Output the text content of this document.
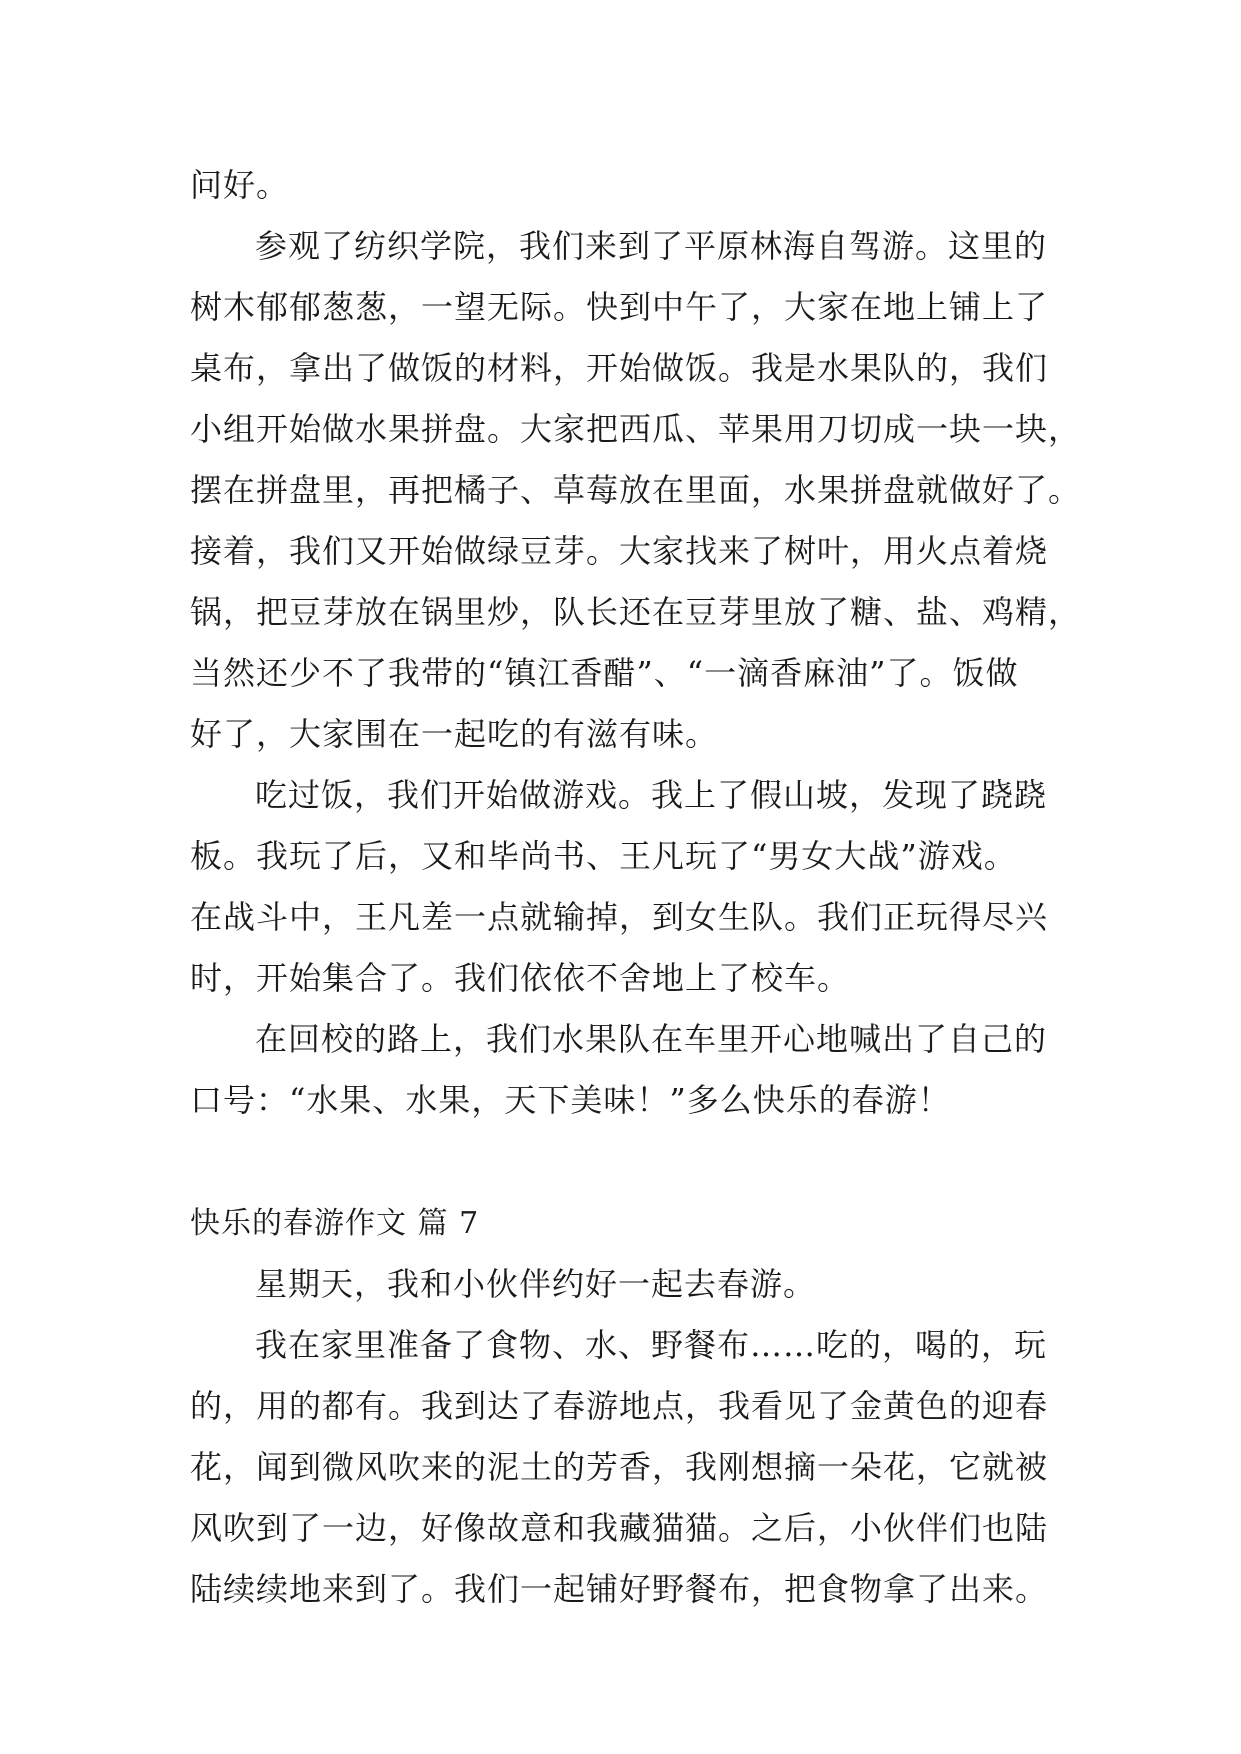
问好。
参观了纺织学院，我们来到了平原林海自驾游。这里的
树木郁郁葱葱，一望无际。快到中午了，大家在地上铺上了
桌布，拿出了做饭的材料，开始做饭。我是水果队的，我们
小组开始做水果拼盘。大家把西瓜、苹果用刀切成一块一块，
摆在拼盘里，再把橘子、草莓放在里面，水果拼盘就做好了。
接着，我们又开始做绿豆芽。大家找来了树叶，用火点着烧
锅，把豆芽放在锅里炒，队长还在豆芽里放了糖、盐、鸡精，
当然还少不了我带的“镇江香醋”、“一滴香麻油”了。饭做
好了，大家围在一起吃的有滋有味。
吃过饭，我们开始做游戏。我上了假山坡，发现了跷跷
板。我玩了后，又和毕尚书、王凡玩了“男女大战”游戏。
在战斗中，王凡差一点就输掉，到女生队。我们正玩得尽兴
时，开始集合了。我们依依不舍地上了校车。
在回校的路上，我们水果队在车里开心地喊出了自己的
口号：“水果、水果，天下美味！”多么快乐的春游！
快乐的春游作文 篇 7
星期天，我和小伙伴约好一起去春游。
我在家里准备了食物、水、野餐布……吃的，喝的，玩
的，用的都有。我到达了春游地点，我看见了金黄色的迎春
花，闻到微风吹来的泥土的芳香，我刚想摘一朵花，它就被
风吹到了一边，好像故意和我藏猫猫。之后，小伙伴们也陆
陆续续地来到了。我们一起铺好野餐布，把食物拿了出来。
